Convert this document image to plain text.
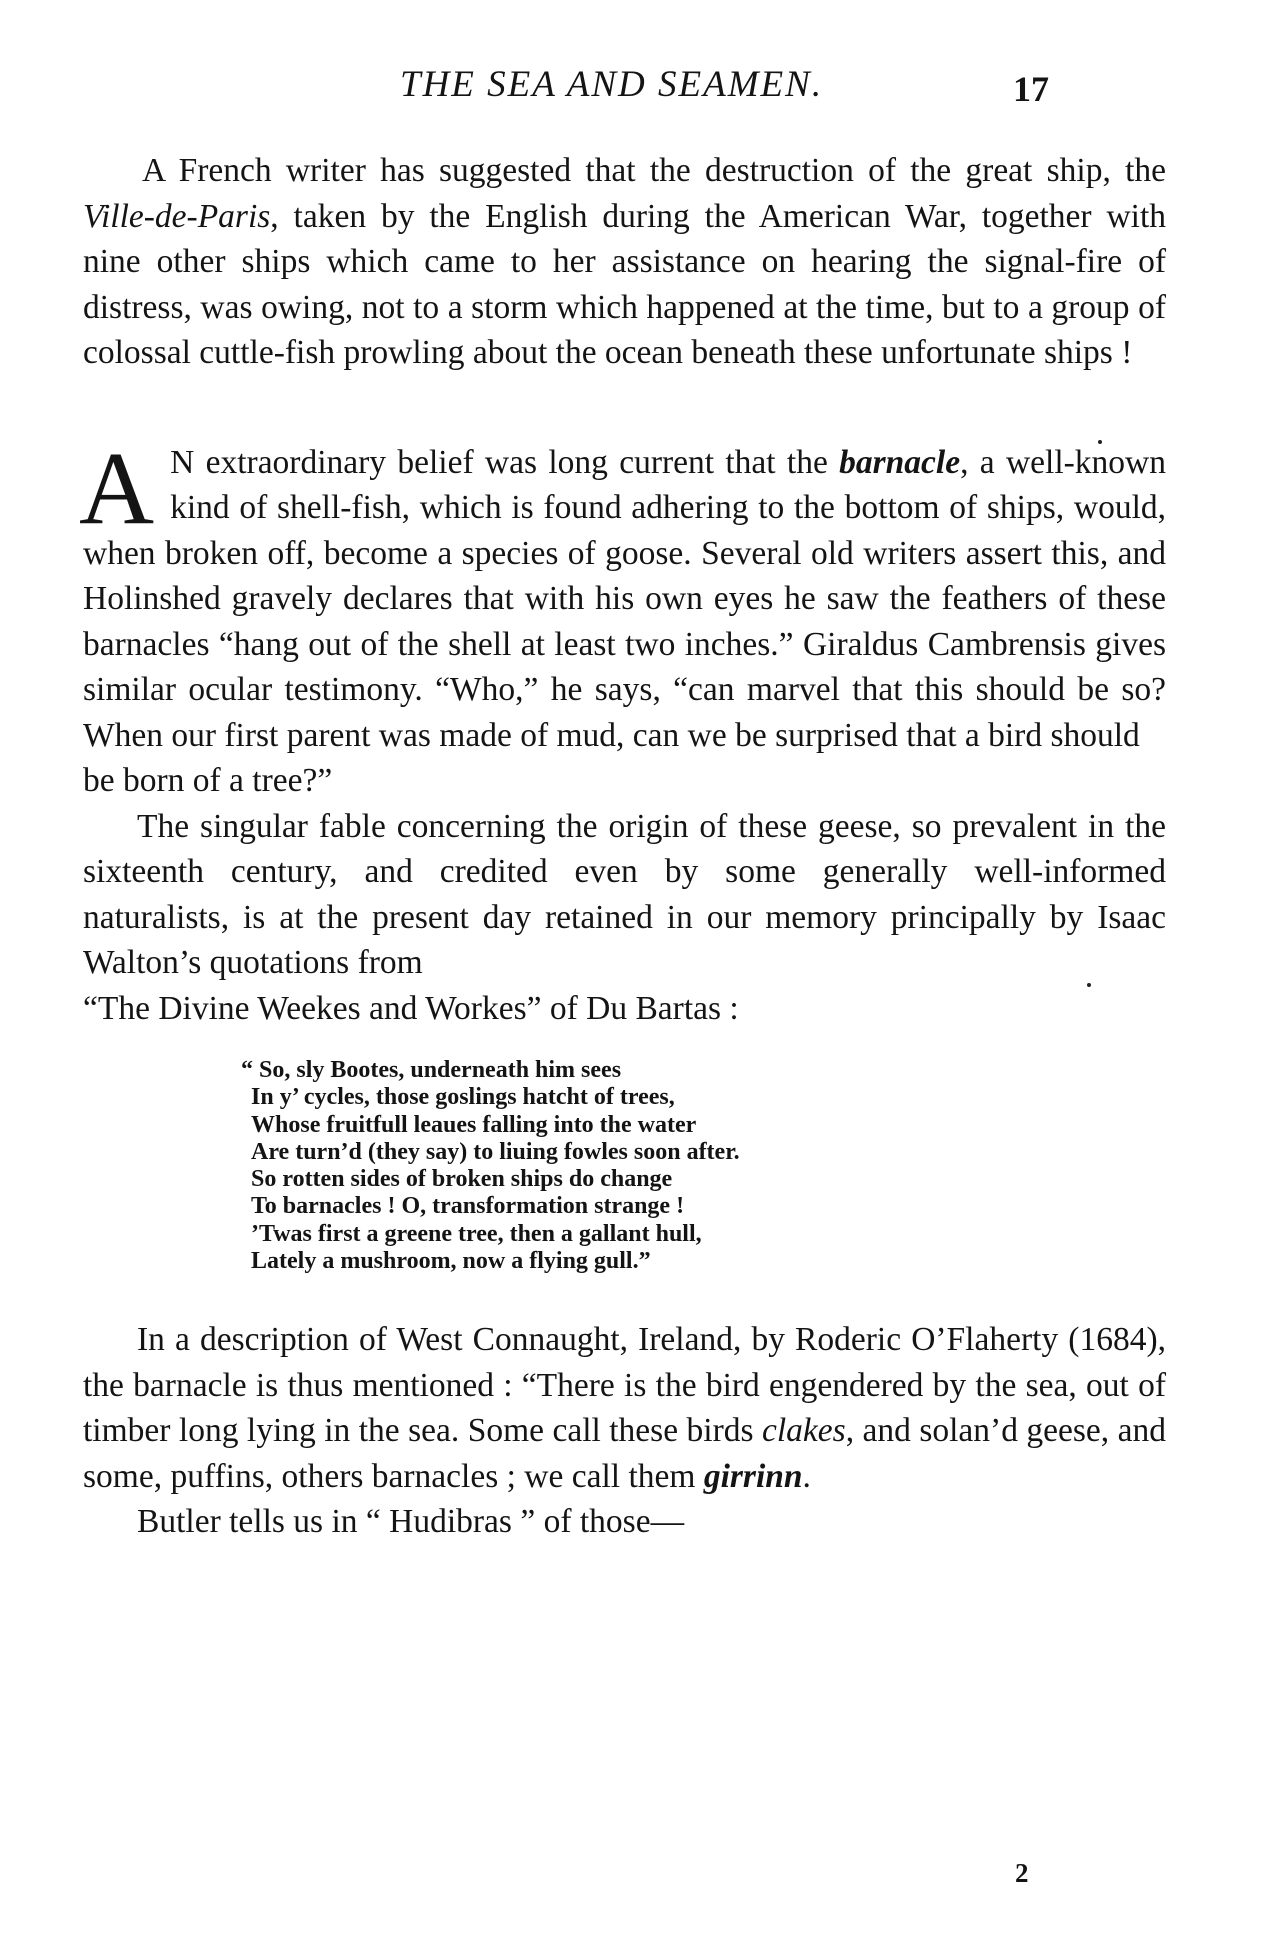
THE SEA AND SEAMEN.	17

A French writer has suggested that the destruction of the great ship, the Ville-de-Paris, taken by the English during the American War, together with nine other ships which came to her assistance on hearing the signal-fire of distress, was owing, not to a storm which happened at the time, but to a group of colossal cuttle-fish prowling about the ocean beneath these unfortunate ships !

A N extraordinary belief was long current that the barnacle, a well-known kind of shell-fish, which is found adhering to the bottom of ships, would, when broken off, become a species of goose. Several old writers assert this, and Holinshed gravely declares that with his own eyes he saw the feathers of these barnacles “hang out of the shell at least two inches.” Giraldus Cambrensis gives similar ocular testimony. “Who,” he says, “can marvel that this should be so? When our first parent was made of mud, can we be surprised that a bird should

be born of a tree?”

The singular fable concerning the origin of these geese, so prevalent in the sixteenth century, and credited even by some generally well-informed naturalists, is at the present day retained in our memory principally by Isaac Walton’s quotations from

“The Divine Weekes and Workes” of Du Bartas :

“ So, sly Bootes, underneath him sees
In y’ cycles, those goslings hatcht of trees,
Whose fruitfull leaues falling into the water
Are turn’d (they say) to liuing fowles soon after.
So rotten sides of broken ships do change
To barnacles ! O, transformation strange !
’Twas first a greene tree, then a gallant hull,
Lately a mushroom, now a flying gull.”

In a description of West Connaught, Ireland, by Roderic O’Flaherty (1684), the barnacle is thus mentioned : “There is the bird engendered by the sea, out of timber long lying in the sea. Some call these birds clakes, and solan’d geese, and some, puffins, others barnacles ; we call them girrinn.

Butler tells us in “ Hudibras ” of those—

2
